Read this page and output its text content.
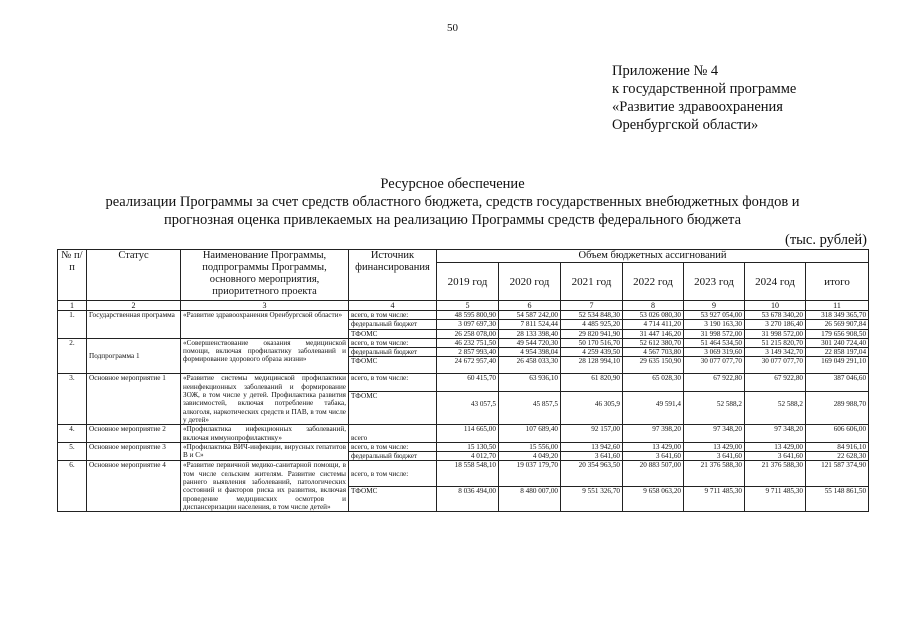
50
Приложение № 4
к государственной программе
«Развитие здравоохранения
Оренбургской области»
Ресурсное обеспечение
реализации Программы за счет средств областного бюджета, средств государственных внебюджетных фондов и
прогнозная оценка привлекаемых на реализацию Программы средств федерального бюджета
(тыс. рублей)
№ п/п	Статус	Наименование Программы, подпрограммы Программы, основного мероприятия, приоритетного проекта	Источник финансирования	Объем бюджетных ассигнований						
				2019 год	2020 год	2021 год	2022 год	2023 год	2024 год	итого
1	2	3	4	5	6	7	8	9	10	11
1.	Государственная программа	«Развитие здравоохранения Оренбургской области»	всего, в том числе:	48 595 800,90	54 587 242,00	52 534 848,30	53 026 080,30	53 927 054,00	53 678 340,20	318 349 365,70
			федеральный бюджет	3 097 697,30	7 811 524,44	4 485 925,20	4 714 411,20	3 190 163,30	3 270 186,40	26 569 907,84
			ТФОМС	26 258 078,00	28 133 398,40	29 820 941,90	31 447 146,20	31 998 572,00	31 998 572,00	179 656 908,50
2.	Подпрограмма 1	«Совершенствование оказания медицинской помощи, включая профилактику заболеваний и формирование здорового образа жизни»	всего, в том числе:	46 232 751,50	49 544 720,30	50 170 516,70	52 612 380,70	51 464 534,50	51 215 820,70	301 240 724,40
			федеральный бюджет	2 857 993,40	4 954 398,04	4 259 439,50	4 567 703,80	3 069 319,60	3 149 342,70	22 858 197,04
			ТФОМС	24 672 957,40	26 458 033,30	28 128 994,10	29 635 150,90	30 077 077,70	30 077 077,70	169 049 291,10
3.	Основное мероприятие 1	«Развитие системы медицинской профилактики неинфекционных заболеваний и формирование ЗОЖ, в том числе у детей. Профилактика развития зависимостей, включая потребление табака, алкоголя, наркотических средств и ПАВ, в том числе у детей»	всего, в том числе:	60 415,70	63 936,10	61 820,90	65 028,30	67 922,80	67 922,80	387 046,60
			ТФОМС	43 057,5	45 857,5	46 305,9	49 591,4	52 588,2	52 588,2	289 988,70
4.	Основное мероприятие 2	«Профилактика инфекционных заболеваний, включая иммунопрофилактику»	всего	114 665,00	107 689,40	92 157,00	97 398,20	97 348,20	97 348,20	606 606,00
5.	Основное мероприятие 3	«Профилактика ВИЧ-инфекции, вирусных гепатитов В и С»	всего, в том числе:	15 130,50	15 556,00	13 942,60	13 429,00	13 429,00	13 429,00	84 916,10
			федеральный бюджет	4 012,70	4 049,20	3 641,60	3 641,60	3 641,60	3 641,60	22 628,30
6.	Основное мероприятие 4	«Развитие первичной медико-санитарной помощи, в том числе сельским жителям. Развитие системы раннего выявления заболеваний, патологических состояний и факторов риска их развития, включая проведение медицинских осмотров и диспансеризации населения, в том числе детей»	всего, в том числе:	18 558 548,10	19 037 179,70	20 354 963,50	20 883 507,00	21 376 588,30	21 376 588,30	121 587 374,90
			ТФОМС	8 036 494,00	8 480 007,00	9 551 326,70	9 658 063,20	9 711 485,30	9 711 485,30	55 148 861,50
